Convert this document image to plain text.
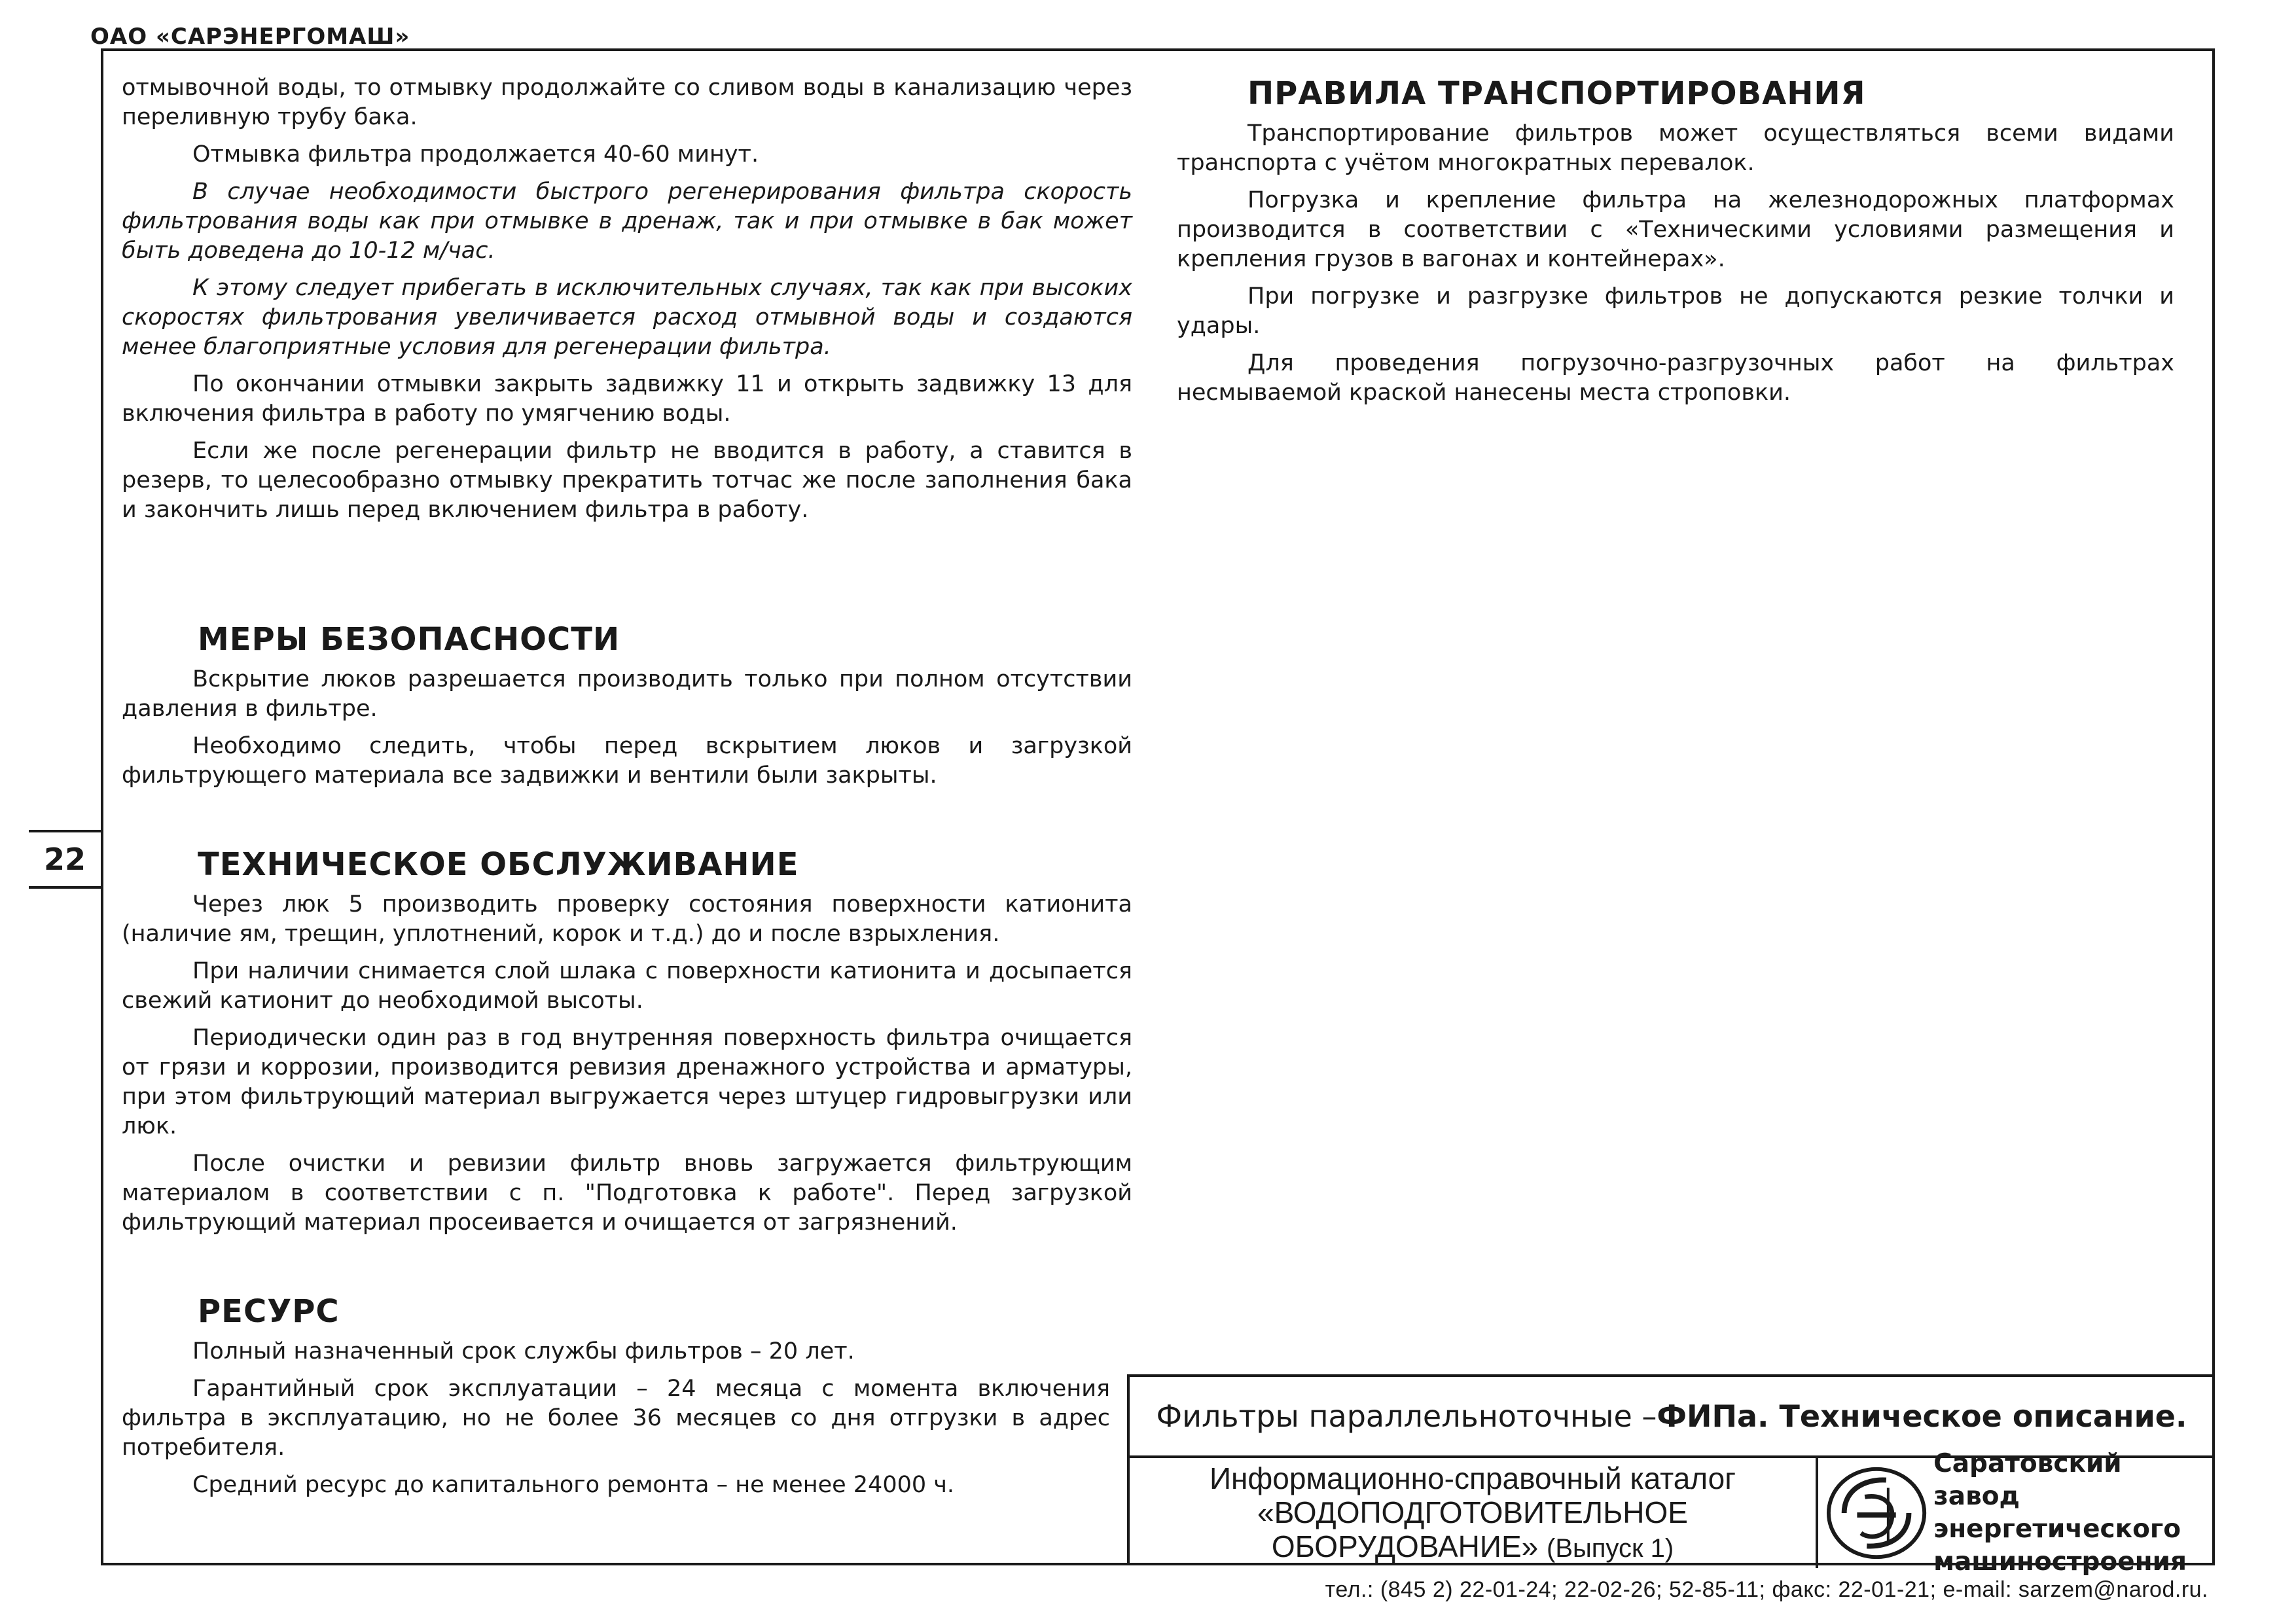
ОАО «САРЭНЕРГОМАШ»
22

отмывочной воды, то отмывку продолжайте со сливом воды в канализацию через переливную трубу бака.

Отмывка фильтра продолжается 40-60 минут.

В случае необходимости быстрого регенерирования фильтра скорость фильтрования воды как при отмывке в дренаж, так и при отмывке в бак может быть доведена до 10-12 м/час.

К этому следует прибегать в исключительных случаях, так как при высоких скоростях фильтрования увеличивается расход отмывной воды и создаются менее благоприятные условия для регенерации фильтра.

По окончании отмывки закрыть задвижку 11 и открыть задвижку 13 для включения фильтра в работу по умягчению воды.

Если же после регенерации фильтр не вводится в работу, а ставится в резерв, то целесообразно отмывку прекратить тотчас же после заполнения бака и закончить лишь перед включением фильтра в работу.

МЕРЫ БЕЗОПАСНОСТИ

Вскрытие люков разрешается производить только при полном отсутствии давления в фильтре.

Необходимо следить, чтобы перед вскрытием люков и загрузкой фильтрующего материала все задвижки и вентили были закрыты.

ТЕХНИЧЕСКОЕ ОБСЛУЖИВАНИЕ

Через люк 5 производить проверку состояния поверхности катионита (наличие ям, трещин, уплотнений, корок и т.д.) до и после взрыхления.

При наличии снимается слой шлака с поверхности катионита и досыпается свежий катионит до необходимой высоты.

Периодически один раз в год внутренняя поверхность фильтра очищается от грязи и коррозии, производится ревизия дренажного устройства и арматуры, при этом фильтрующий материал выгружается через штуцер гидровыгрузки или люк.

После очистки и ревизии фильтр вновь загружается фильтрующим материалом в соответствии с п. "Подготовка к работе". Перед загрузкой фильтрующий материал просеивается и очищается от загрязнений.

РЕСУРС

Полный назначенный срок службы фильтров – 20 лет.

Гарантийный срок эксплуатации – 24 месяца с момента включения фильтра в эксплуатацию, но не более 36 месяцев со дня отгрузки в адрес потребителя.

Средний ресурс до капитального ремонта – не менее 24000 ч.

ПРАВИЛА ТРАНСПОРТИРОВАНИЯ

Транспортирование фильтров может осуществляться всеми видами транспорта с учётом многократных перевалок.

Погрузка и крепление фильтра на железнодорожных платформах производится в соответствии с «Техническими условиями размещения и крепления грузов в вагонах и контейнерах».

При погрузке и разгрузке фильтров не допускаются резкие толчки и удары.

Для проведения погрузочно-разгрузочных работ на фильтрах несмываемой краской нанесены места строповки.

Фильтры параллельноточные – ФИПа . Техническое описание.
Информационно-справочный каталог
«ВОДОПОДГОТОВИТЕЛЬНОЕ
ОБОРУДОВАНИЕ» (Выпуск 1)
Саратовский завод
энергетического
машиностроения
тел.: (845 2) 22-01-24; 22-02-26; 52-85-11; факс: 22-01-21; e-mail: sarzem@narod.ru.
